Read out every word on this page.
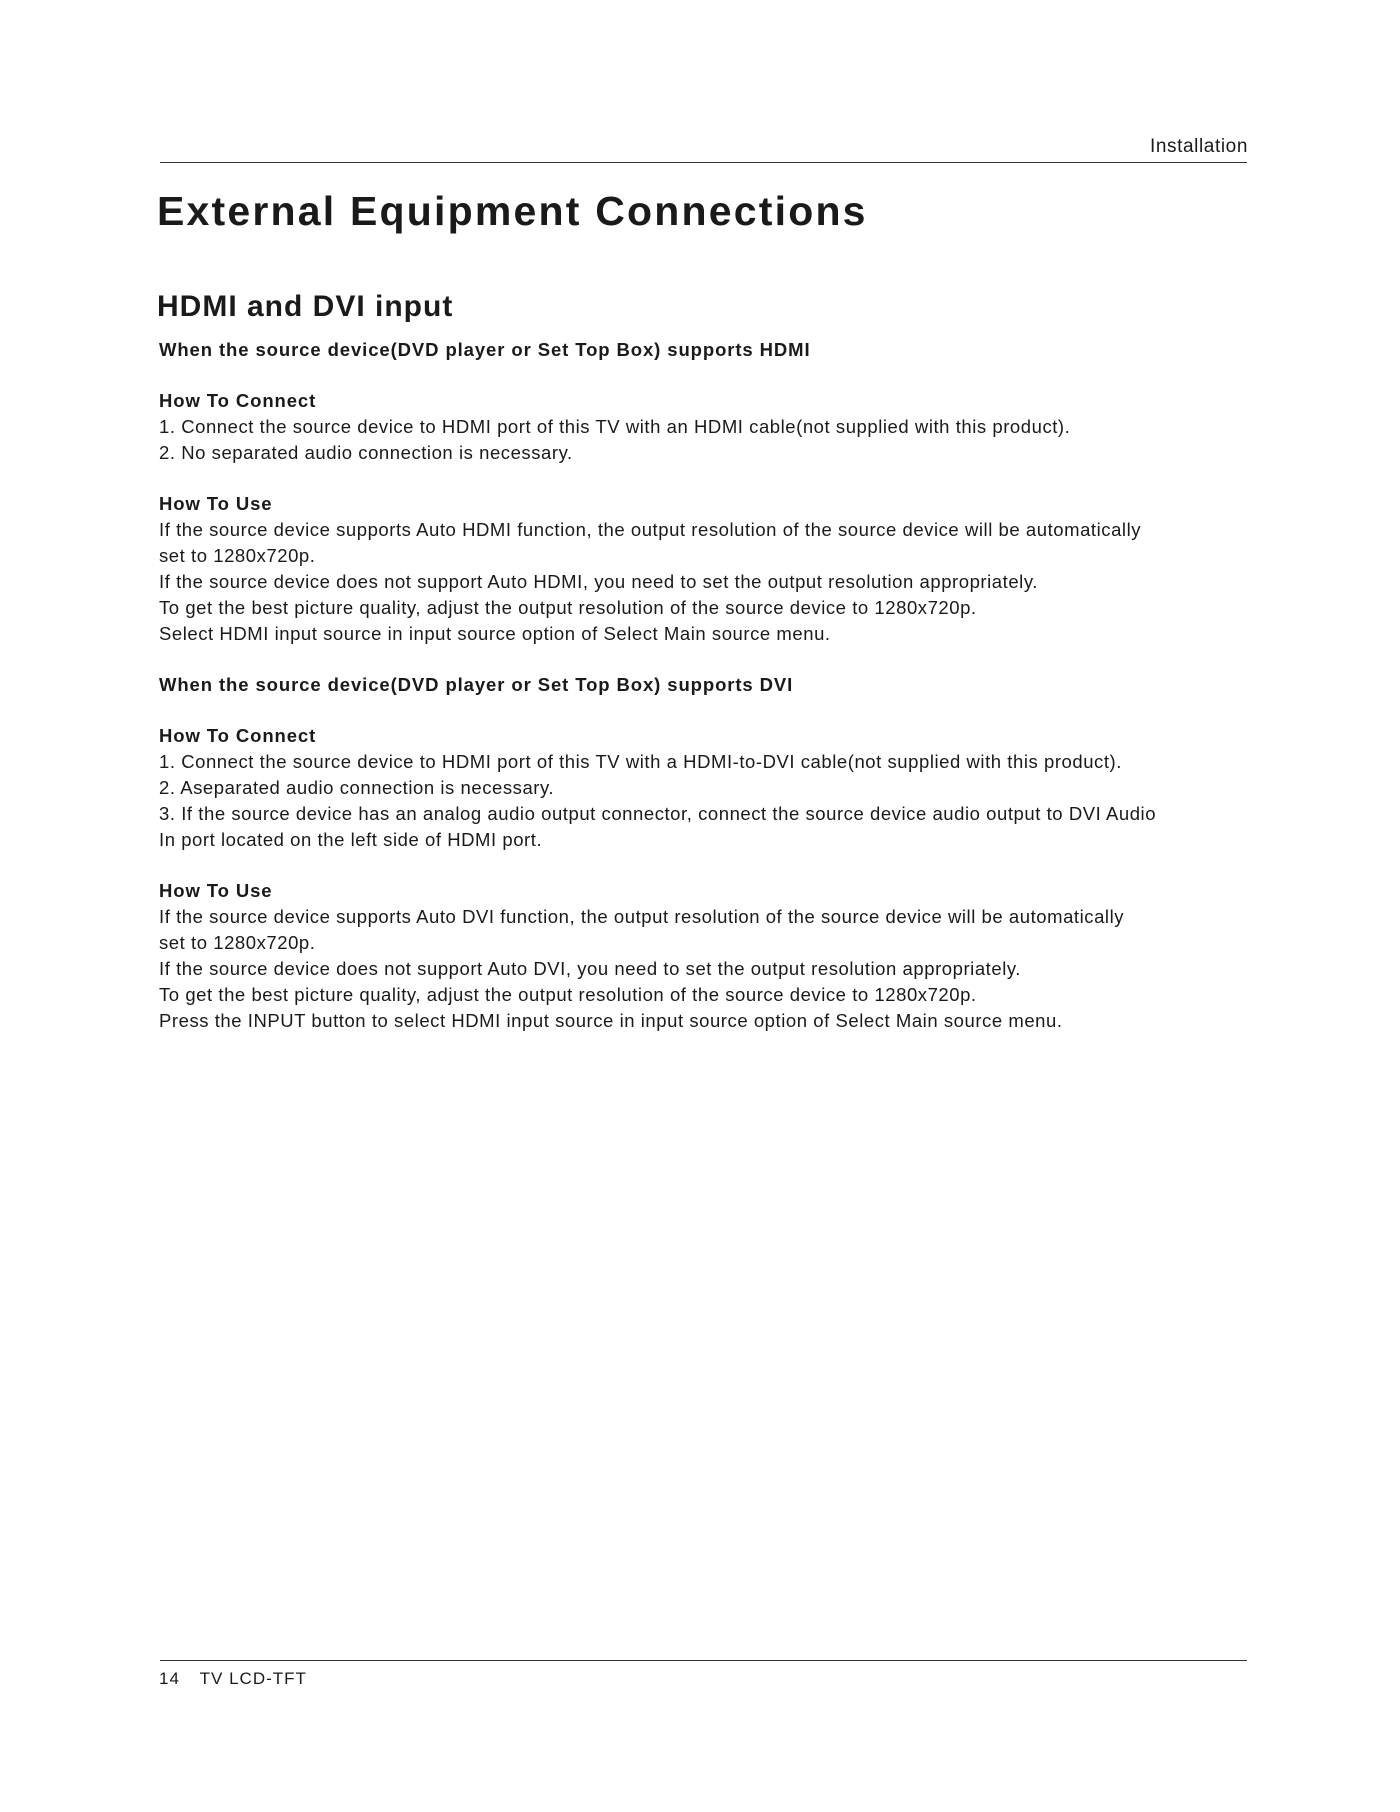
Installation
External Equipment Connections
HDMI and DVI input
When the source device(DVD player or Set Top Box) supports HDMI
How To Connect
1. Connect the source device to HDMI port of this TV with an HDMI cable(not supplied with this product).
2. No separated audio connection is necessary.
How To Use
If the source device supports Auto HDMI function, the output resolution of the source device will be automatically
set to 1280x720p.
If the source device does not support Auto HDMI, you need to set the output resolution appropriately.
To get the best picture quality, adjust the output resolution of the source device to 1280x720p.
Select HDMI input source in input source option of Select Main source menu.
When the source device(DVD player or Set Top Box) supports DVI
How To Connect
1. Connect the source device to HDMI port of this TV with a HDMI-to-DVI cable(not supplied with this product).
2. Aseparated audio connection is necessary.
3. If the source device has an analog audio output connector, connect the source device audio output to DVI Audio
In port located on the left side of HDMI port.
How To Use
If the source device supports Auto DVI function, the output resolution of the source device will be automatically
set to 1280x720p.
If the source device does not support Auto DVI, you need to set the output resolution appropriately.
To get the best picture quality, adjust the output resolution of the source device to 1280x720p.
Press the INPUT button to select HDMI input source in input source option of Select Main source menu.
14 TV LCD-TFT
